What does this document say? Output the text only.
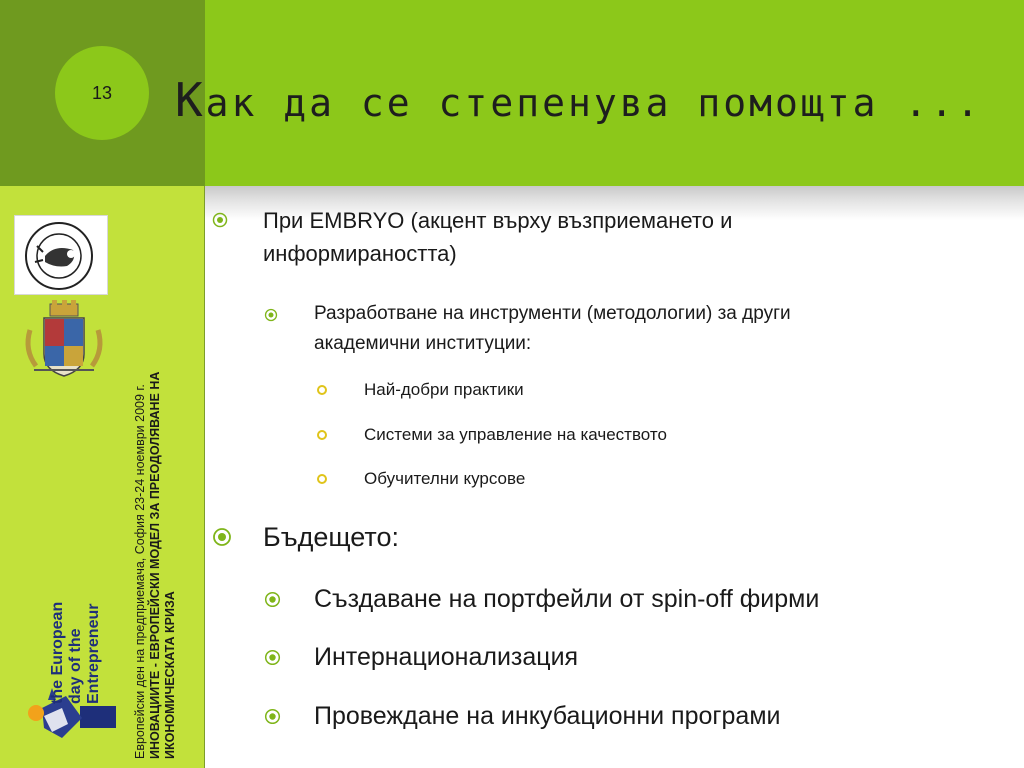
13	Как да се степенува помощта ...
the European day of the Entrepreneur Европейски ден на предприемача, София 23-24 ноември 2009 г. ИНОВАЦИИТЕ - ЕВРОПЕЙСКИ МОДЕЛ ЗА ПРЕОДОЛЯВАНЕ НА ИКОНОМИЧЕСКАТА КРИЗА
При EMBRYO (акцент върху възприемането и
информираността)
Разработване на инструменти (методологии) за други
академични институции:
Най-добри практики
Системи за управление на качеството
Обучителни курсове
Бъдещето:
Създаване на портфейли от spin-off фирми
Интернационализация
Провеждане на инкубационни програми
